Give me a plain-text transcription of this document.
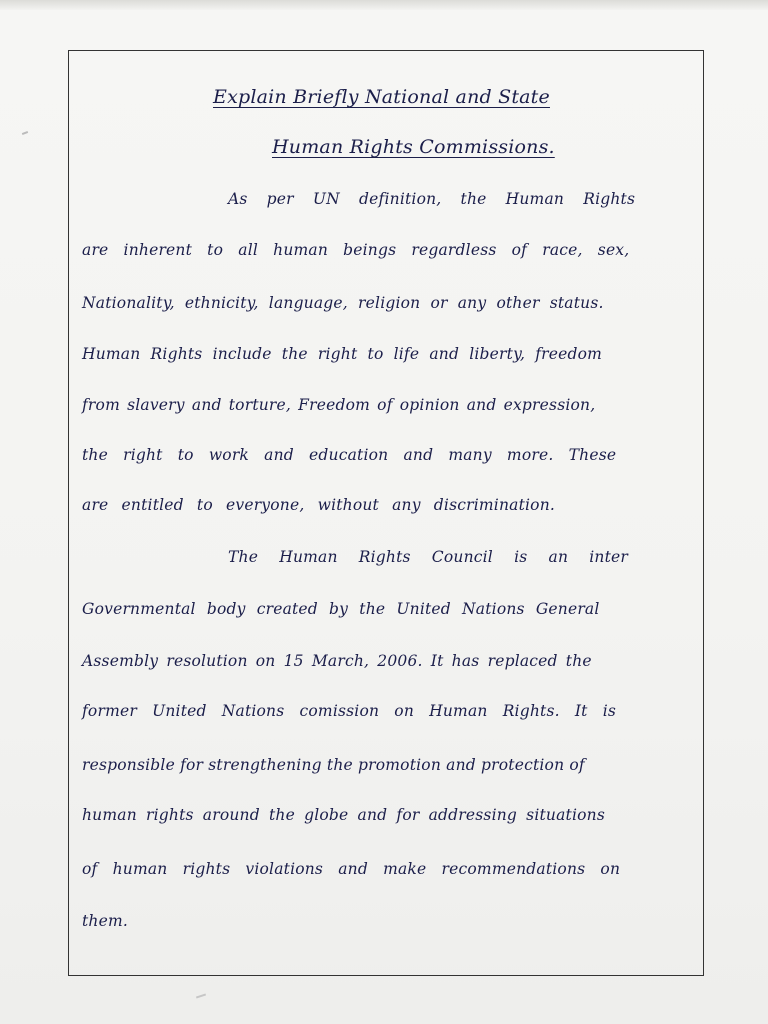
Explain Briefly National and State
Human Rights Commissions.
As per UN definition, the Human Rights
are inherent to all human beings regardless of race, sex,
Nationality, ethnicity, language, religion or any other status.
Human Rights include the right to life and liberty, freedom
from slavery and torture, Freedom of opinion and expression,
the right to work and education and many more. These
are entitled to everyone, without any discrimination.
The Human Rights Council is an inter
Governmental body created by the United Nations General
Assembly resolution on 15 March, 2006. It has replaced the
former United Nations comission on Human Rights. It is
responsible for strengthening the promotion and protection of
human rights around the globe and for addressing situations
of human rights violations and make recommendations on
them.
